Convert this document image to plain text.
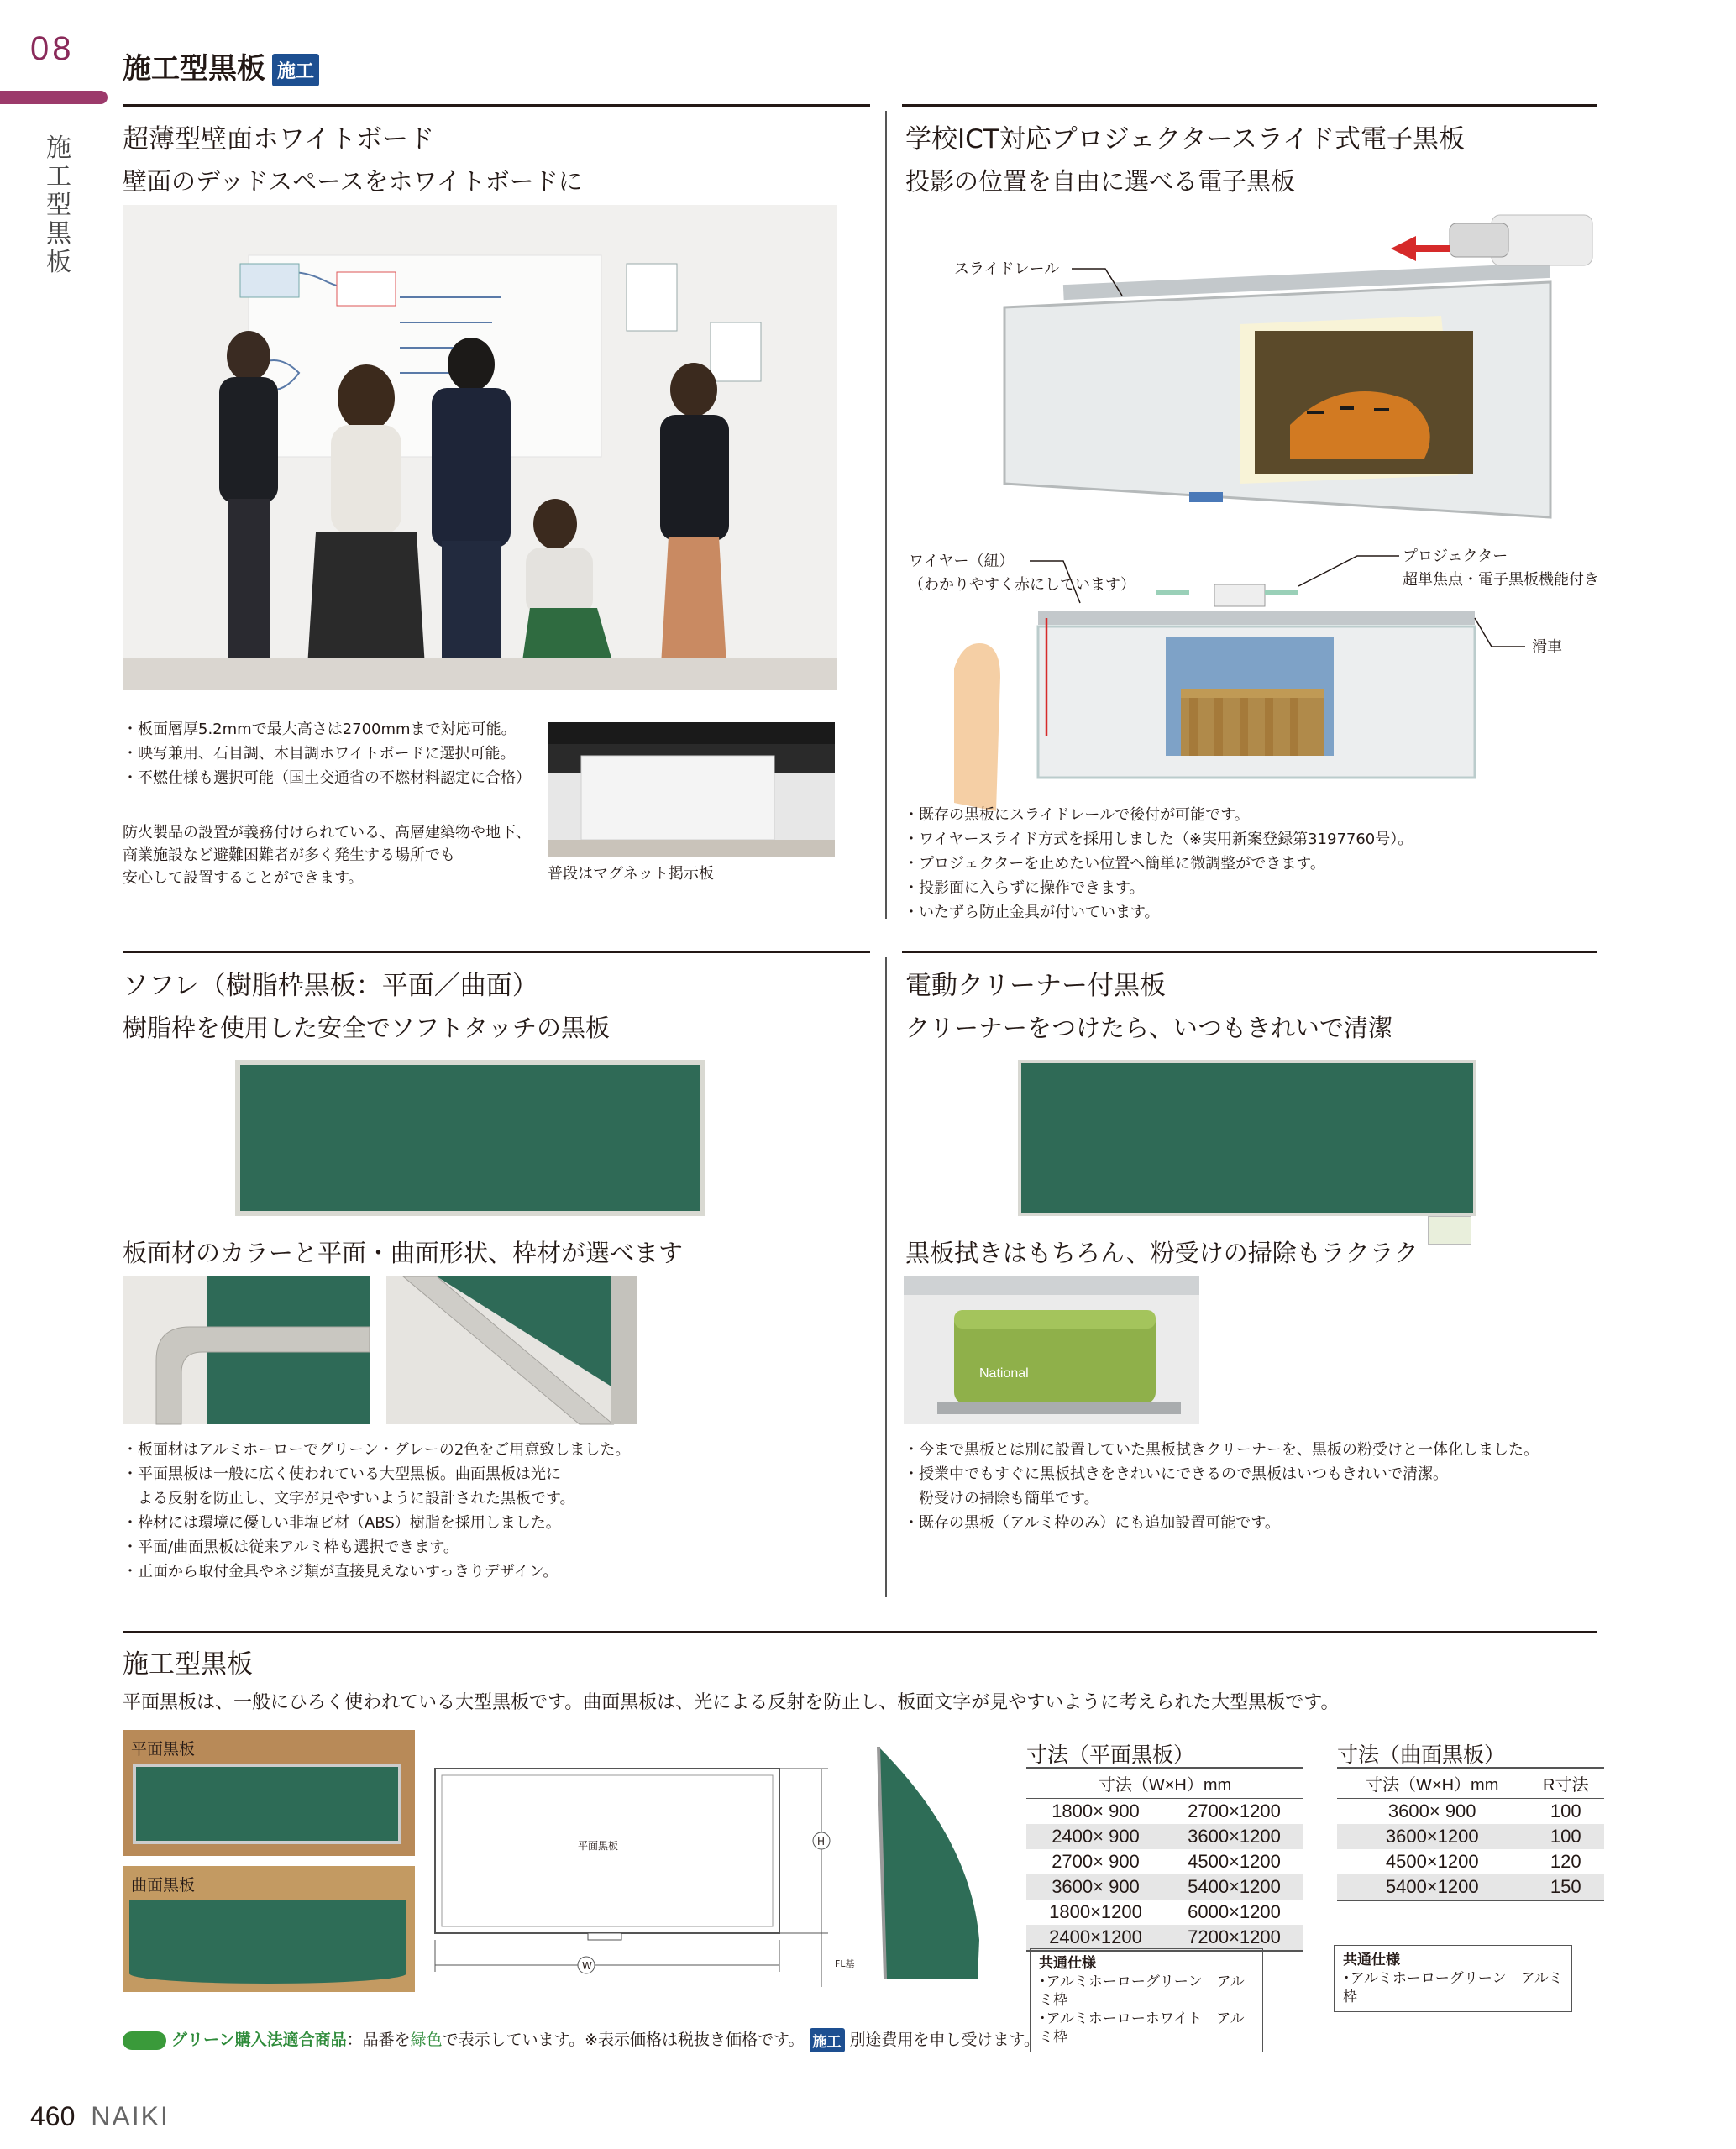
08
施工型黒板
施工型黒板 施工
超薄型壁面ホワイトボード
壁面のデッドスペースをホワイトボードに
・板面層厚5.2mmで最大高さは2700mmまで対応可能。
・映写兼用、石目調、木目調ホワイトボードに選択可能。
・不燃仕様も選択可能（国土交通省の不燃材料認定に合格）
防火製品の設置が義務付けられている、高層建築物や地下、
商業施設など避難困難者が多く発生する場所でも
安心して設置することができます。	普段はマグネット掲示板
学校ICT対応プロジェクタースライド式電子黒板
投影の位置を自由に選べる電子黒板
スライドレール
ワイヤー（紐）
（わかりやすく赤にしています）
プロジェクター
超単焦点・電子黒板機能付き
滑車
・既存の黒板にスライドレールで後付が可能です。
・ワイヤースライド方式を採用しました（※実用新案登録第3197760号）。
・プロジェクターを止めたい位置へ簡単に微調整ができます。
・投影面に入らずに操作できます。
・いたずら防止金具が付いています。
ソフレ（樹脂枠黒板：平面／曲面）
樹脂枠を使用した安全でソフトタッチの黒板
板面材のカラーと平面・曲面形状、枠材が選べます
・板面材はアルミホーローでグリーン・グレーの2色をご用意致しました。
・平面黒板は一般に広く使われている大型黒板。曲面黒板は光に
　よる反射を防止し、文字が見やすいように設計された黒板です。
・枠材には環境に優しい非塩ビ材（ABS）樹脂を採用しました。
・平面/曲面黒板は従来アルミ枠も選択できます。
・正面から取付金具やネジ類が直接見えないすっきりデザイン。
電動クリーナー付黒板
クリーナーをつけたら、いつもきれいで清潔
黒板拭きはもちろん、粉受けの掃除もラクラク
National
・今まで黒板とは別に設置していた黒板拭きクリーナーを、黒板の粉受けと一体化しました。
・授業中でもすぐに黒板拭きをきれいにできるので黒板はいつもきれいで清潔。
　粉受けの掃除も簡単です。
・既存の黒板（アルミ枠のみ）にも追加設置可能です。
施工型黒板
平面黒板は、一般にひろく使われている大型黒板です。曲面黒板は、光による反射を防止し、板面文字が見やすいように考えられた大型黒板です。
平面黒板
曲面黒板
平面黒板
W
H
FL基
寸法（平面黒板）
寸法（W×H）mm	
1800× 900	2700×1200
2400× 900	3600×1200
2700× 900	4500×1200
3600× 900	5400×1200
1800×1200	6000×1200
2400×1200	7200×1200
共通仕様
･アルミホーローグリーン　アルミ枠
･アルミホーローホワイト　アルミ枠
寸法（曲面黒板）
寸法（W×H）mm	R寸法
3600× 900	100
3600×1200	100
4500×1200	120
5400×1200	150
共通仕様
･アルミホーローグリーン　アルミ枠
グリーン購入法適合商品：品番を緑色で表示しています。※表示価格は税抜き価格です。 施工 別途費用を申し受けます。
460 NAIKI
